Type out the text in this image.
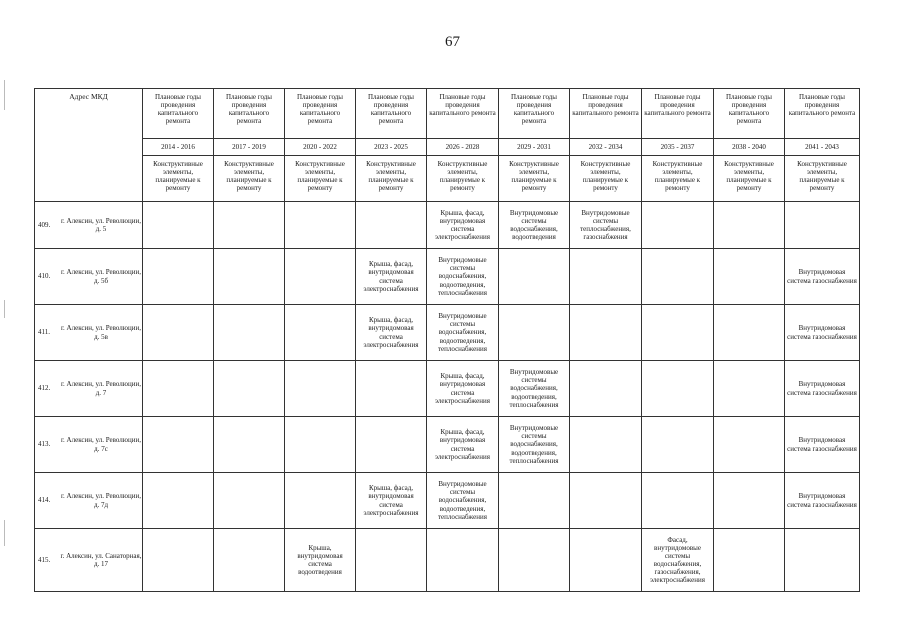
67
Адрес МКД	Плановые годы проведения капитального ремонта	Плановые годы проведения капитального ремонта	Плановые годы проведения капитального ремонта	Плановые годы проведения капитального ремонта	Плановые годы проведения капитального ремонта	Плановые годы проведения капитального ремонта	Плановые годы проведения капитального ремонта	Плановые годы проведения капитального ремонта	Плановые годы проведения капитального ремонта	Плановые годы проведения капитального ремонта
	2014 - 2016	2017 - 2019	2020 - 2022	2023 - 2025	2026 - 2028	2029 - 2031	2032 - 2034	2035 - 2037	2038 - 2040	2041 - 2043
	Конструктивные элементы, планируемые к ремонту	Конструктивные элементы, планируемые к ремонту	Конструктивные элементы, планируемые к ремонту	Конструктивные элементы, планируемые к ремонту	Конструктивные элементы, планируемые к ремонту	Конструктивные элементы, планируемые к ремонту	Конструктивные элементы, планируемые к ремонту	Конструктивные элементы, планируемые к ремонту	Конструктивные элементы, планируемые к ремонту	Конструктивные элементы, планируемые к ремонту

409.
г. Алексин, ул. Революции, д. 5					Крыша, фасад, внутридомовая система электроснабжения	Внутридомовые системы водоснабжения, водоотведения	Внутридомовые системы теплоснабжения, газоснабжения			

410.
г. Алексин, ул. Революции, д. 5б				Крыша, фасад, внутридомовая система электроснабжения	Внутридомовые системы водоснабжения, водоотведения, теплоснабжения					Внутридомовая система газоснабжения

411.
г. Алексин, ул. Революции, д. 5в				Крыша, фасад, внутридомовая система электроснабжения	Внутридомовые системы водоснабжения, водоотведения, теплоснабжения					Внутридомовая система газоснабжения

412.
г. Алексин, ул. Революции, д. 7					Крыша, фасад, внутридомовая система электроснабжения	Внутридомовые системы водоснабжения, водоотведения, теплоснабжения				Внутридомовая система газоснабжения

413.
г. Алексин, ул. Революции, д. 7с					Крыша, фасад, внутридомовая система электроснабжения	Внутридомовые системы водоснабжения, водоотведения, теплоснабжения				Внутридомовая система газоснабжения

414.
г. Алексин, ул. Революции, д. 7д				Крыша, фасад, внутридомовая система электроснабжения	Внутридомовые системы водоснабжения, водоотведения, теплоснабжения					Внутридомовая система газоснабжения

415.
г. Алексин, ул. Санаторная, д. 17			Крыша, внутридомовая система водоотведения					Фасад, внутридомовые системы водоснабжения, газоснабжения, электроснабжения		
